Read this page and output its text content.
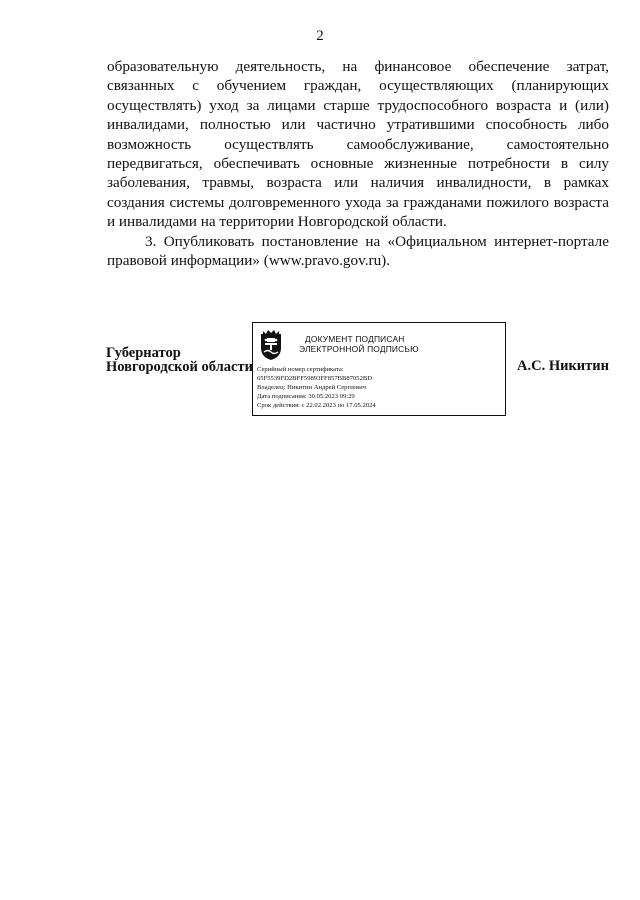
2

образовательную деятельность, на финансовое обеспечение затрат, связанных с обучением граждан, осуществляющих (планирующих осуществлять) уход за лицами старше трудоспособного возраста и (или) инвалидами, полностью или частично утратившими способность либо возможность осуществлять самообслуживание, самостоятельно передвигаться, обеспечивать основные жизненные потребности в силу заболевания, травмы, возраста или наличия инвалидности, в рамках создания системы долговременного ухода за гражданами пожилого возраста и инвалидами на территории Новгородской области.

3. Опубликовать постановление на «Официальном интернет-портале правовой информации» (www.pravo.gov.ru).

Губернатор
Новгородской области
ДОКУМЕНТ ПОДПИСАН
ЭЛЕКТРОННОЙ ПОДПИСЬЮ
Серийный номер сертификата:
65F5539FD2BFF59893FF857BB87052BD
Владелец: Никитин Андрей Сергеевич
Дата подписания: 30.05.2023 09:29
Срок действия: с 22.02.2023 по 17.05.2024
А.С. Никитин
